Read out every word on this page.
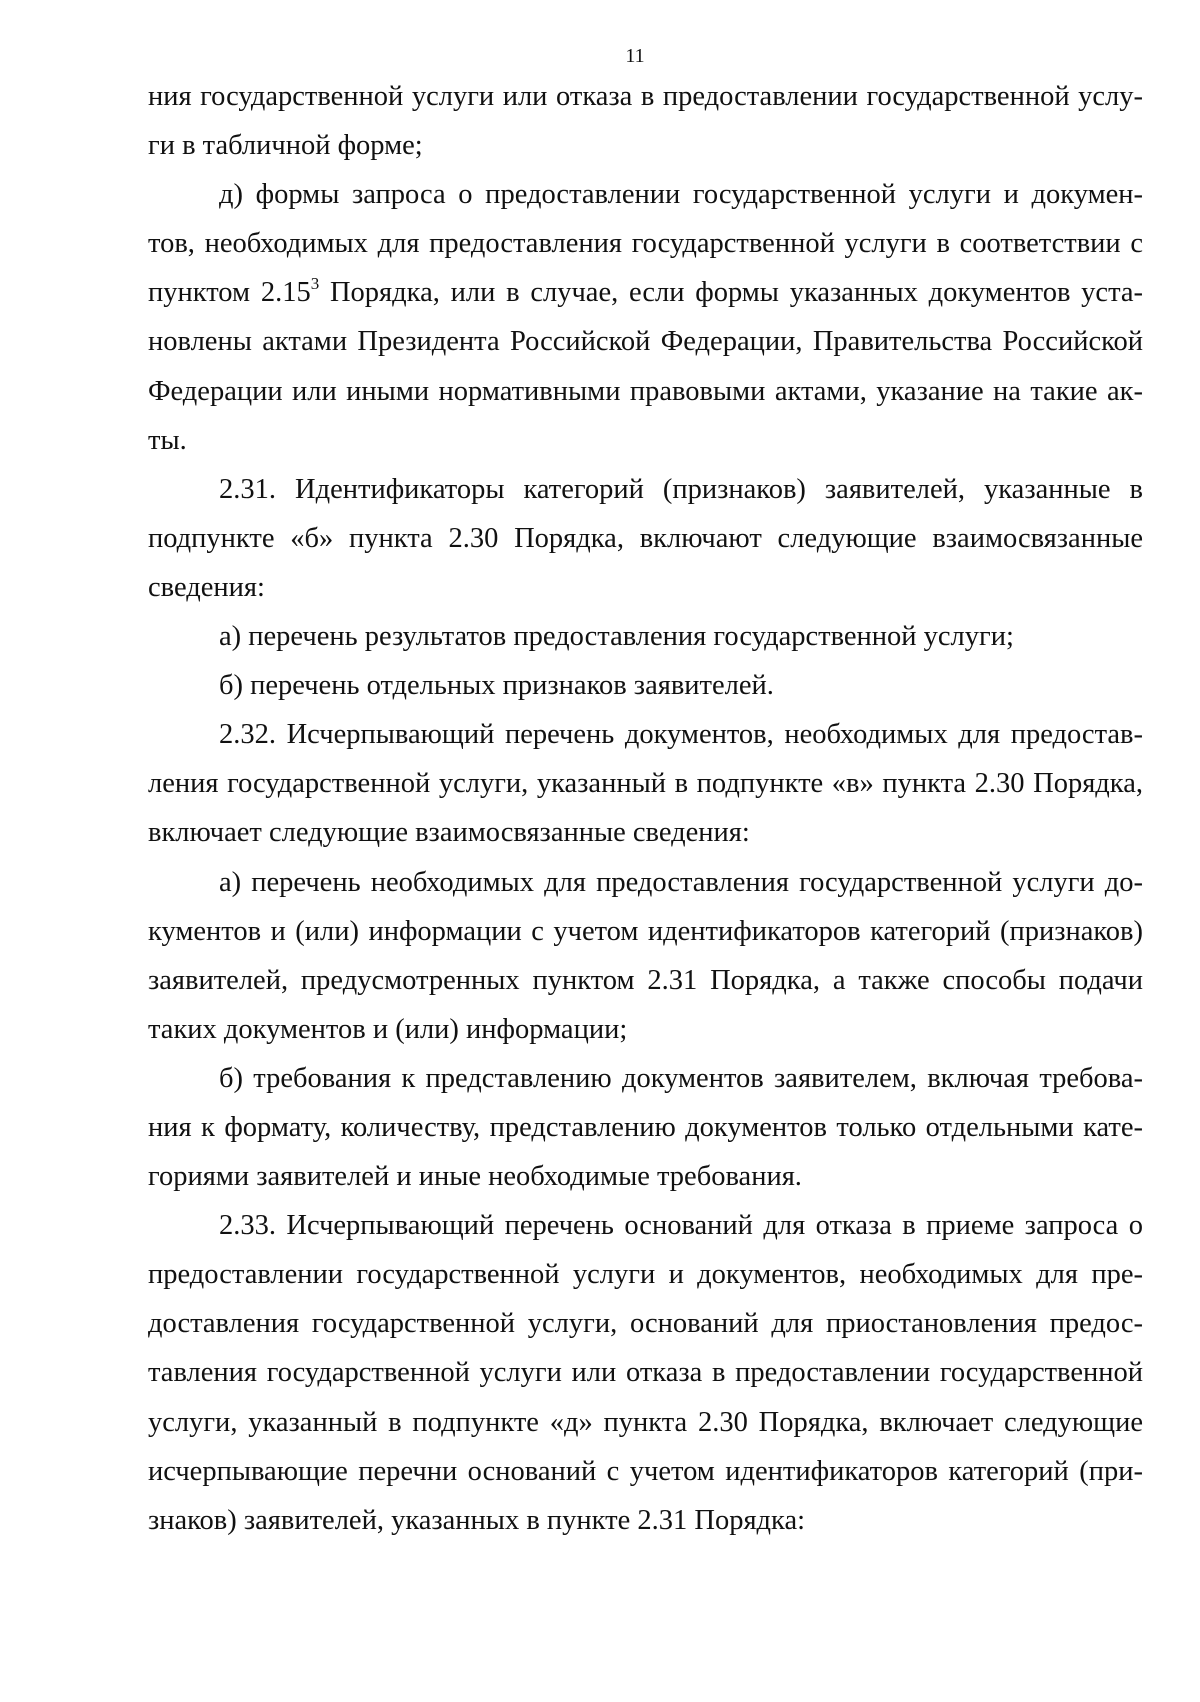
11

ния государственной услуги или отказа в предоставлении государственной услу- ги в табличной форме;

д) формы запроса о предоставлении государственной услуги и докумен- тов, необходимых для предоставления государственной услуги в соответствии с пунктом 2.15$^3$ Порядка, или в случае, если формы указанных документов уста- новлены актами Президента Российской Федерации, Правительства Российской Федерации или иными нормативными правовыми актами, указание на такие ак- ты.

2.31. Идентификаторы категорий (признаков) заявителей, указанные в подпункте «б» пункта 2.30 Порядка, включают следующие взаимосвязанные сведения:

а) перечень результатов предоставления государственной услуги;

б) перечень отдельных признаков заявителей.

2.32. Исчерпывающий перечень документов, необходимых для предостав- ления государственной услуги, указанный в подпункте «в» пункта 2.30 Порядка, включает следующие взаимосвязанные сведения:

а) перечень необходимых для предоставления государственной услуги до- кументов и (или) информации с учетом идентификаторов категорий (признаков) заявителей, предусмотренных пунктом 2.31 Порядка, а также способы подачи таких документов и (или) информации;

б) требования к представлению документов заявителем, включая требова- ния к формату, количеству, представлению документов только отдельными кате- гориями заявителей и иные необходимые требования.

2.33. Исчерпывающий перечень оснований для отказа в приеме запроса о предоставлении государственной услуги и документов, необходимых для пре- доставления государственной услуги, оснований для приостановления предос- тавления государственной услуги или отказа в предоставлении государственной услуги, указанный в подпункте «д» пункта 2.30 Порядка, включает следующие исчерпывающие перечни оснований с учетом идентификаторов категорий (при- знаков) заявителей, указанных в пункте 2.31 Порядка:
